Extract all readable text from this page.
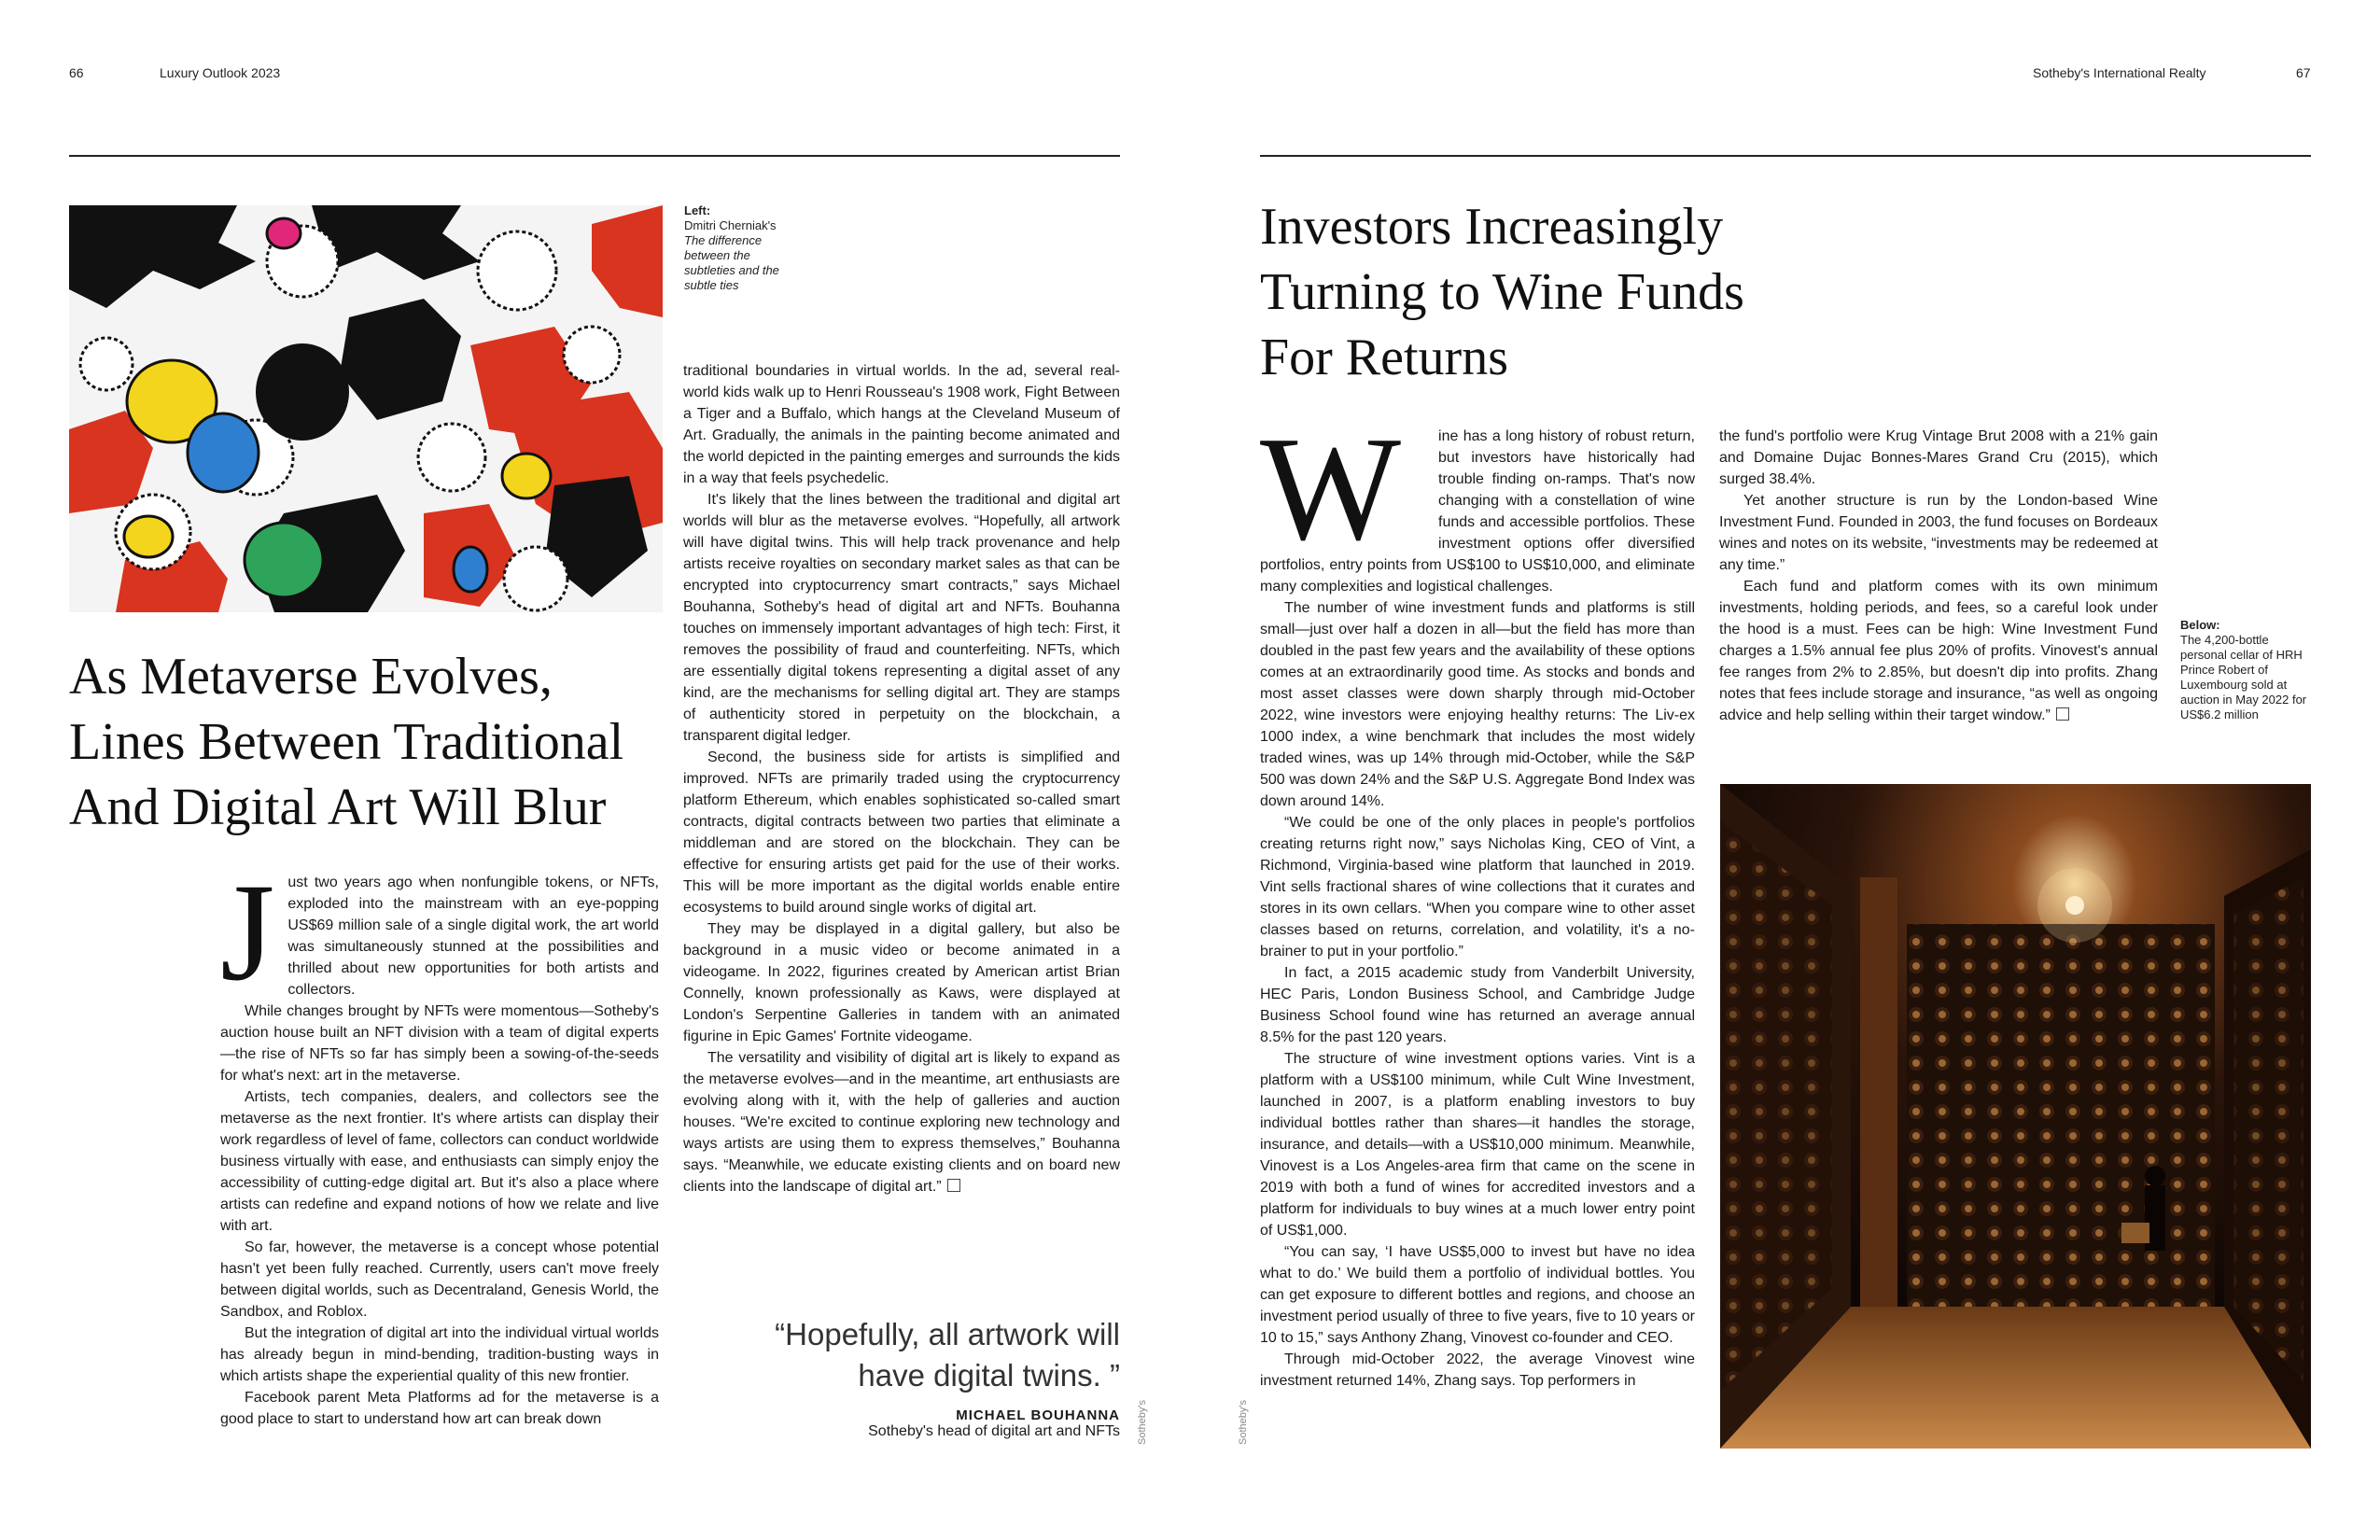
66	Luxury Outlook 2023	Sotheby's International Realty	67
Left:
Dmitri Cherniak's
The difference between the subtleties and the subtle ties
As Metaverse Evolves,
Lines Between Traditional
And Digital Art Will Blur

Just two years ago when nonfungible tokens, or NFTs, exploded into the mainstream with an eye-popping US$69 million sale of a single digital work, the art world was simultaneously stunned at the possibilities and thrilled about new opportunities for both artists and collectors.

While changes brought by NFTs were momentous—Sotheby's auction house built an NFT division with a team of digital experts—the rise of NFTs so far has simply been a sowing-of-the-seeds for what's next: art in the metaverse.

Artists, tech companies, dealers, and collectors see the metaverse as the next frontier. It's where artists can display their work regardless of level of fame, collectors can conduct worldwide business virtually with ease, and enthusiasts can simply enjoy the accessibility of cutting-edge digital art. But it's also a place where artists can redefine and expand notions of how we relate and live with art.

So far, however, the metaverse is a concept whose potential hasn't yet been fully reached. Currently, users can't move freely between digital worlds, such as Decentraland, Genesis World, the Sandbox, and Roblox.

But the integration of digital art into the individual virtual worlds has already begun in mind-bending, tradition-busting ways in which artists shape the experiential quality of this new frontier.

Facebook parent Meta Platforms ad for the metaverse is a good place to start to understand how art can break down

traditional boundaries in virtual worlds. In the ad, several real-world kids walk up to Henri Rousseau's 1908 work, Fight Between a Tiger and a Buffalo, which hangs at the Cleveland Museum of Art. Gradually, the animals in the painting become animated and the world depicted in the painting emerges and surrounds the kids in a way that feels psychedelic.

It's likely that the lines between the traditional and digital art worlds will blur as the metaverse evolves. “Hopefully, all artwork will have digital twins. This will help track provenance and help artists receive royalties on secondary market sales as that can be encrypted into cryptocurrency smart contracts,” says Michael Bouhanna, Sotheby's head of digital art and NFTs. Bouhanna touches on immensely important advantages of high tech: First, it removes the possibility of fraud and counterfeiting. NFTs, which are essentially digital tokens representing a digital asset of any kind, are the mechanisms for selling digital art. They are stamps of authenticity stored in perpetuity on the blockchain, a transparent digital ledger.

Second, the business side for artists is simplified and improved. NFTs are primarily traded using the cryptocurrency platform Ethereum, which enables sophisticated so-called smart contracts, digital contracts between two parties that eliminate a middleman and are stored on the blockchain. They can be effective for ensuring artists get paid for the use of their works. This will be more important as the digital worlds enable entire ecosystems to build around single works of digital art.

They may be displayed in a digital gallery, but also be background in a music video or become animated in a videogame. In 2022, figurines created by American artist Brian Connelly, known professionally as Kaws, were displayed at London's Serpentine Galleries in tandem with an animated figurine in Epic Games' Fortnite videogame.

The versatility and visibility of digital art is likely to expand as the metaverse evolves—and in the meantime, art enthusiasts are evolving along with it, with the help of galleries and auction houses. “We're excited to continue exploring new technology and ways artists are using them to express themselves,” Bouhanna says. “Meanwhile, we educate existing clients and on board new clients into the landscape of digital art.”

“Hopefully, all artwork will have digital twins. ”
MICHAEL BOUHANNA
Sotheby's head of digital art and NFTs Sotheby's
Investors Increasingly
Turning to Wine Funds
For Returns

W	ine has a long history of robust return, but investors have historically had trouble finding on-ramps. That's now changing with a constellation of wine funds and accessible portfolios. These investment options offer diversified portfolios, entry points from US$100 to US$10,000, and eliminate many complexities and logistical challenges.

The number of wine investment funds and platforms is still small—just over half a dozen in all—but the field has more than doubled in the past few years and the availability of these options comes at an extraordinarily good time. As stocks and bonds and most asset classes were down sharply through mid-October 2022, wine investors were enjoying healthy returns: The Liv-ex 1000 index, a wine benchmark that includes the most widely traded wines, was up 14% through mid-October, while the S&P 500 was down 24% and the S&P U.S. Aggregate Bond Index was down around 14%.

“We could be one of the only places in people's portfolios creating returns right now,” says Nicholas King, CEO of Vint, a Richmond, Virginia-based wine platform that launched in 2019. Vint sells fractional shares of wine collections that it curates and stores in its own cellars. “When you compare wine to other asset classes based on returns, correlation, and volatility, it's a no-brainer to put in your portfolio.”

In fact, a 2015 academic study from Vanderbilt University, HEC Paris, London Business School, and Cambridge Judge Business School found wine has returned an average annual 8.5% for the past 120 years.

The structure of wine investment options varies. Vint is a platform with a US$100 minimum, while Cult Wine Investment, launched in 2007, is a platform enabling investors to buy individual bottles rather than shares—it handles the storage, insurance, and details—with a US$10,000 minimum. Meanwhile, Vinovest is a Los Angeles-area firm that came on the scene in 2019 with both a fund of wines for accredited investors and a platform for individuals to buy wines at a much lower entry point of US$1,000.

“You can say, ‘I have US$5,000 to invest but have no idea what to do.’ We build them a portfolio of individual bottles. You can get exposure to different bottles and regions, and choose an investment period usually of three to five years, five to 10 years or 10 to 15,” says Anthony Zhang, Vinovest co-founder and CEO.

Through mid-October 2022, the average Vinovest wine investment returned 14%, Zhang says. Top performers in

Sotheby's

the fund's portfolio were Krug Vintage Brut 2008 with a 21% gain and Domaine Dujac Bonnes-Mares Grand Cru (2015), which surged 38.4%.

Yet another structure is run by the London-based Wine Investment Fund. Founded in 2003, the fund focuses on Bordeaux wines and notes on its website, “investments may be redeemed at any time.”

Each fund and platform comes with its own minimum investments, holding periods, and fees, so a careful look under the hood is a must. Fees can be high: Wine Investment Fund charges a 1.5% annual fee plus 20% of profits. Vinovest's annual fee ranges from 2% to 2.85%, but doesn't dip into profits. Zhang notes that fees include storage and insurance, “as well as ongoing advice and help selling within their target window.”

Below:
The 4,200-bottle personal cellar of HRH Prince Robert of Luxembourg sold at auction in May 2022 for US$6.2 million
